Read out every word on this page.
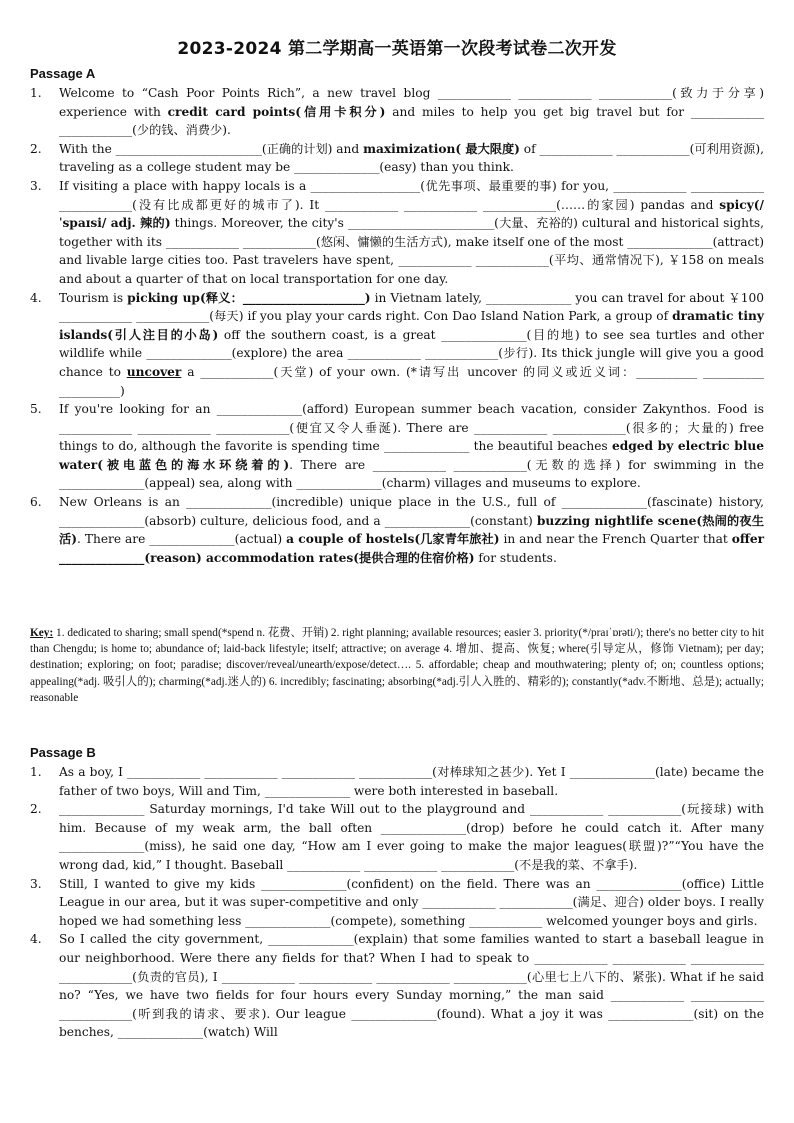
2023-2024 第二学期高一英语第一次段考试卷二次开发
Passage A
1.	Welcome to “Cash Poor Points Rich”, a new travel blog ____________ ____________ ____________(致力于分享) experience with credit card points(信用卡积分) and miles to help you get big travel but for ____________ ____________(少的钱、消费少).
2.	With the ________________________(正确的计划) and maximization( 最大限度) of ____________ ____________(可利用资源), traveling as a college student may be ______________(easy) than you think.
3.	If visiting a place with happy locals is a __________________(优先事项、最重要的事) for you, ____________ ____________ ____________(没有比成都更好的城市了). It ____________ ____________ ____________(……的家园) pandas and spicy(/ˈspaɪsi/ adj. 辣的) things. Moreover, the city's ________________________(大量、充裕的) cultural and historical sights, together with its ____________ ____________(悠闲、慵懒的生活方式), make itself one of the most ______________(attract) and livable large cities too. Past travelers have spent, ____________ ____________(平均、通常情况下), ￥158 on meals and about a quarter of that on local transportation for one day.
4.	Tourism is picking up(释义：____________________) in Vietnam lately, ______________ you can travel for about ￥100 ____________ ____________(每天) if you play your cards right. Con Dao Island Nation Park, a group of dramatic tiny islands(引人注目的小岛) off the southern coast, is a great ______________(目的地) to see sea turtles and other wildlife while ______________(explore) the area ____________ ____________(步行). Its thick jungle will give you a good chance to uncover a ____________(天堂) of your own. (*请写出 uncover 的同义或近义词：__________ __________ __________)
5.	If you're looking for an ______________(afford) European summer beach vacation, consider Zakynthos. Food is ____________ ____________ ____________(便宜又令人垂涎). There are ____________ ____________(很多的；大量的) free things to do, although the favorite is spending time ______________ the beautiful beaches edged by electric blue water(被电蓝色的海水环绕着的). There are ____________ ____________(无数的选择) for swimming in the ______________(appeal) sea, along with ______________(charm) villages and museums to explore.
6.	New Orleans is an ______________(incredible) unique place in the U.S., full of ______________(fascinate) history, ______________(absorb) culture, delicious food, and a ______________(constant) buzzing nightlife scene(热闹的夜生活). There are ______________(actual) a couple of hostels(几家青年旅社) in and near the French Quarter that offer ______________(reason) accommodation rates(提供合理的住宿价格) for students.
Key: 1. dedicated to sharing; small spend(*spend n. 花费、开销) 2. right planning; available resources; easier 3. priority(*/praɪˈɒrəti/); there's no better city to hit than Chengdu; is home to; abundance of; laid-back lifestyle; itself; attractive; on average 4. 增加、提高、恢复; where(引导定从，修饰 Vietnam); per day; destination; exploring; on foot; paradise; discover/reveal/unearth/expose/detect…. 5. affordable; cheap and mouthwatering; plenty of; on; countless options; appealing(*adj. 吸引人的); charming(*adj.迷人的) 6. incredibly; fascinating; absorbing(*adj.引人入胜的、精彩的); constantly(*adv.不断地、总是); actually; reasonable
Passage B
1.	As a boy, I ____________ ____________ ____________ ____________(对棒球知之甚少). Yet I ______________(late) became the father of two boys, Will and Tim, ______________ were both interested in baseball.
2.	______________ Saturday mornings, I'd take Will out to the playground and ____________ ____________(玩接球) with him. Because of my weak arm, the ball often ______________(drop) before he could catch it. After many ______________(miss), he said one day, “How am I ever going to make the major leagues(联盟)?”“You have the wrong dad, kid,” I thought. Baseball ____________ ____________ ____________(不是我的菜、不拿手).
3.	Still, I wanted to give my kids ______________(confident) on the field. There was an ______________(office) Little League in our area, but it was super-competitive and only ____________ ____________(满足、迎合) older boys. I really hoped we had something less ______________(compete), something ____________ welcomed younger boys and girls.
4.	So I called the city government, ______________(explain) that some families wanted to start a baseball league in our neighborhood. Were there any fields for that? When I had to speak to ____________ ____________ ____________ ____________(负责的官员), I ____________ ____________ ____________ ____________(心里七上八下的、紧张). What if he said no? “Yes, we have two fields for four hours every Sunday morning,” the man said ____________ ____________ ____________(听到我的请求、要求). Our league ______________(found). What a joy it was ______________(sit) on the benches, ______________(watch) Will
